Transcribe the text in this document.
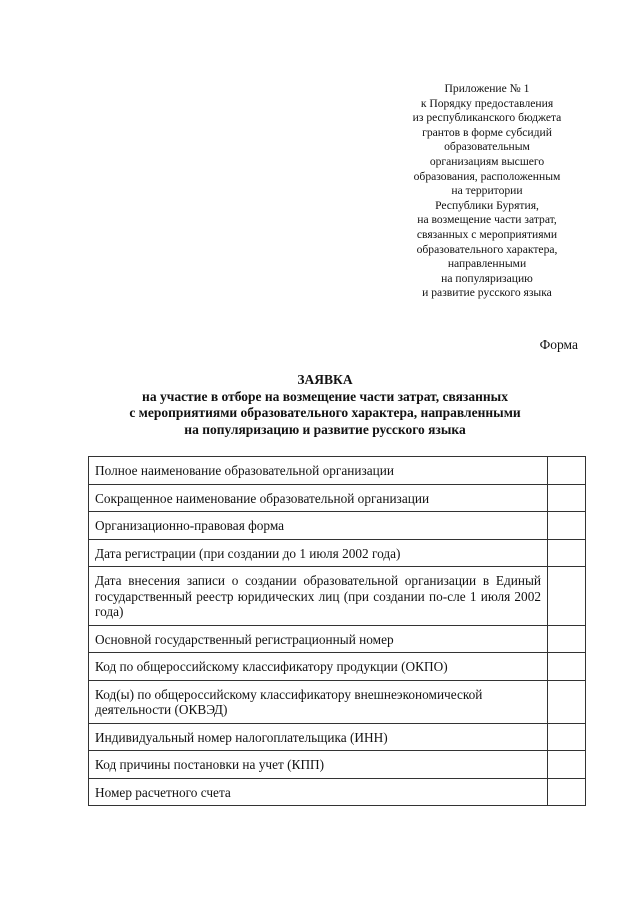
Приложение № 1
к Порядку предоставления
из республиканского бюджета
грантов в форме субсидий
образовательным
организациям высшего
образования, расположенным
на территории
Республики Бурятия,
на возмещение части затрат,
связанных с мероприятиями
образовательного характера,
направленными
на популяризацию
и развитие русского языка
Форма
ЗАЯВКА
на участие в отборе на возмещение части затрат, связанных
с мероприятиями образовательного характера, направленными
на популяризацию и развитие русского языка
Полное наименование образовательной организации	
Сокращенное наименование образовательной организации	
Организационно-правовая форма	
Дата регистрации (при создании до 1 июля 2002 года)	
Дата внесения записи о создании образовательной организации в Единый государственный реестр юридических лиц (при создании по-сле 1 июля 2002 года)	
Основной государственный регистрационный номер	
Код по общероссийскому классификатору продукции (ОКПО)	
Код(ы) по общероссийскому классификатору внешнеэкономической деятельности (ОКВЭД)	
Индивидуальный номер налогоплательщика (ИНН)	
Код причины постановки на учет (КПП)	
Номер расчетного счета	
